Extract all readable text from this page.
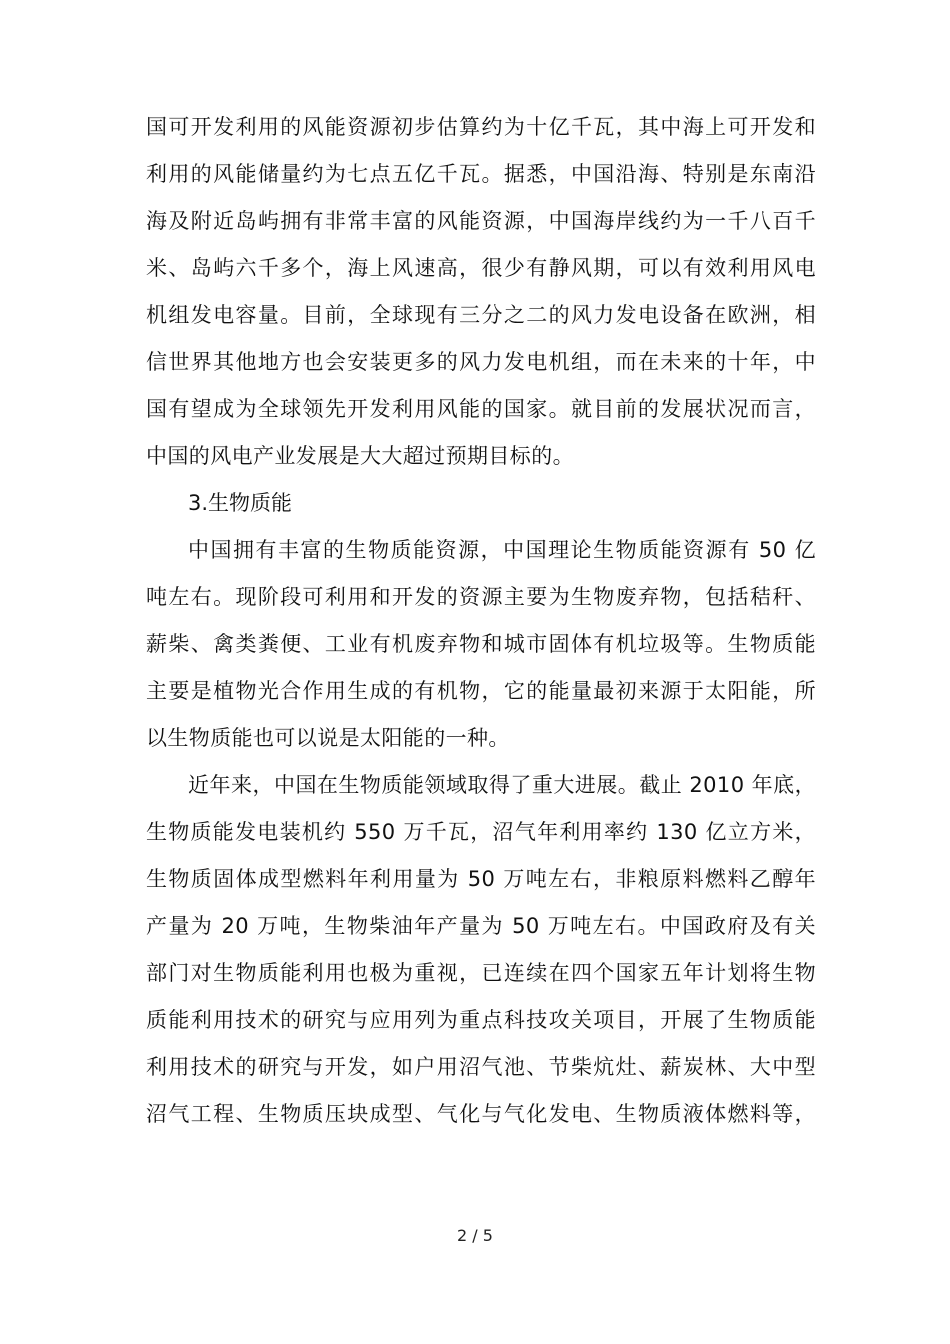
国可开发利用的风能资源初步估算约为十亿千瓦，其中海上可开发和
利用的风能储量约为七点五亿千瓦。据悉，中国沿海、特别是东南沿
海及附近岛屿拥有非常丰富的风能资源，中国海岸线约为一千八百千
米、岛屿六千多个，海上风速高，很少有静风期，可以有效利用风电
机组发电容量。目前，全球现有三分之二的风力发电设备在欧洲，相
信世界其他地方也会安装更多的风力发电机组，而在未来的十年，中
国有望成为全球领先开发利用风能的国家。就目前的发展状况而言，
中国的风电产业发展是大大超过预期目标的。
3.生物质能
中国拥有丰富的生物质能资源，中国理论生物质能资源有 50 亿
吨左右。现阶段可利用和开发的资源主要为生物废弃物，包括秸秆、
薪柴、禽类粪便、工业有机废弃物和城市固体有机垃圾等。生物质能
主要是植物光合作用生成的有机物，它的能量最初来源于太阳能，所
以生物质能也可以说是太阳能的一种。
近年来，中国在生物质能领域取得了重大进展。截止 2010 年底，
生物质能发电装机约 550 万千瓦，沼气年利用率约 130 亿立方米，
生物质固体成型燃料年利用量为 50 万吨左右，非粮原料燃料乙醇年
产量为 20 万吨，生物柴油年产量为 50 万吨左右。中国政府及有关
部门对生物质能利用也极为重视，已连续在四个国家五年计划将生物
质能利用技术的研究与应用列为重点科技攻关项目，开展了生物质能
利用技术的研究与开发，如户用沼气池、节柴炕灶、薪炭林、大中型
沼气工程、生物质压块成型、气化与气化发电、生物质液体燃料等，
2 / 5
